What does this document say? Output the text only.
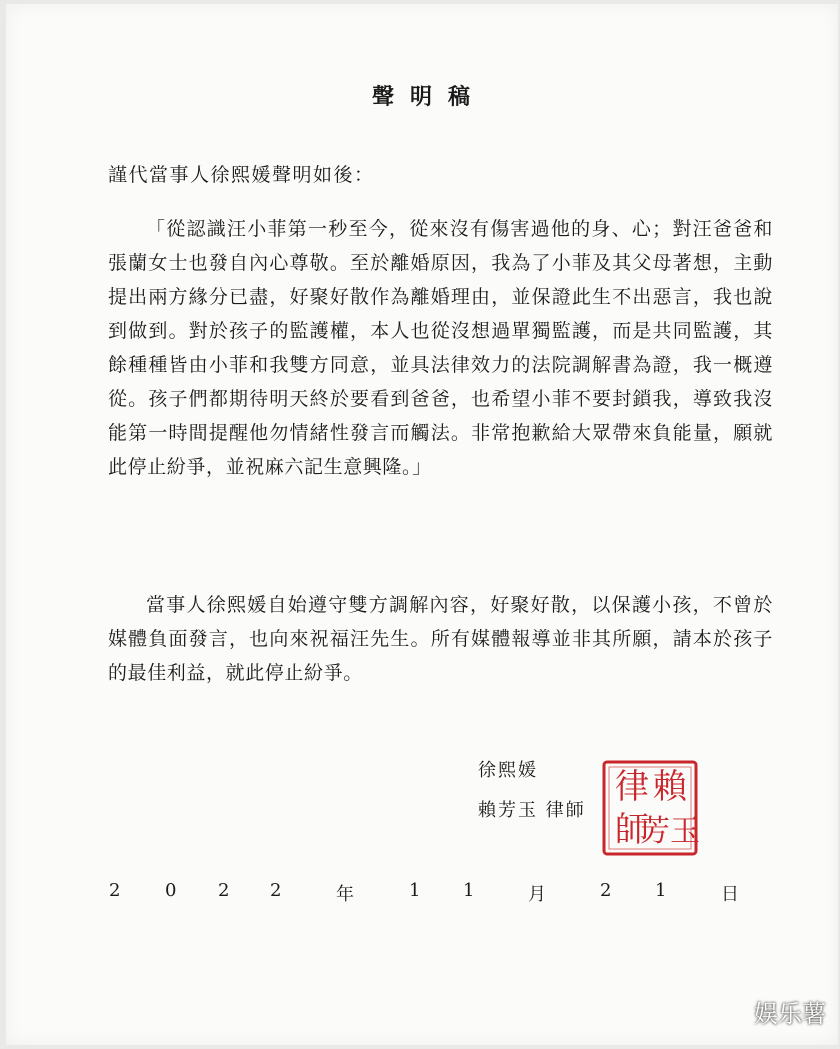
聲明稿

謹代當事人徐熙媛聲明如後：

「從認識汪小菲第一秒至今，從來沒有傷害過他的身、心；對汪爸爸和張蘭女士也發自內心尊敬。至於離婚原因，我為了小菲及其父母著想，主動提出兩方緣分已盡，好聚好散作為離婚理由，並保證此生不出惡言，我也說到做到。對於孩子的監護權，本人也從沒想過單獨監護，而是共同監護，其餘種種皆由小菲和我雙方同意，並具法律效力的法院調解書為證，我一概遵從。孩子們都期待明天終於要看到爸爸，也希望小菲不要封鎖我，導致我沒能第一時間提醒他勿情緒性發言而觸法。非常抱歉給大眾帶來負能量，願就此停止紛爭，並祝麻六記生意興隆。」

當事人徐熙媛自始遵守雙方調解內容，好聚好散，以保護小孩，不曾於媒體負面發言，也向來祝福汪先生。所有媒體報導並非其所願，請本於孩子的最佳利益，就此停止紛爭。

徐熙媛

賴芳玉 律師

賴
律
芳玉
師
2 0 2 2	年	1 1	月	2 1	日

娱乐薯
